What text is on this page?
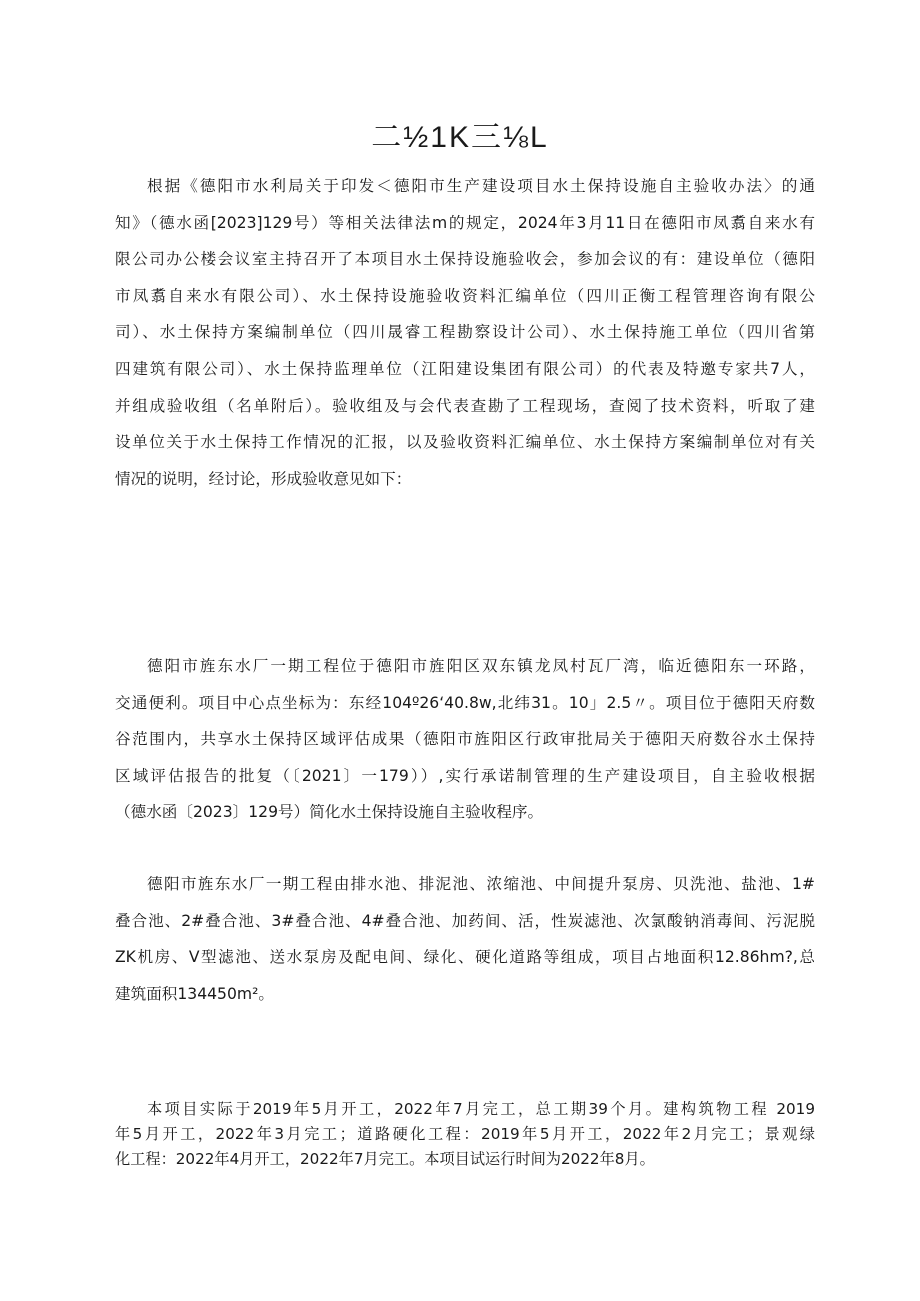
二½1K三⅛L
根据《德阳市水利局关于印发＜德阳市生产建设项目水土保持设施自主验收办法〉的通
知》（德水函[2023]129号）等相关法律法m的规定，2024年3月11日在德阳市凤翥自来水有
限公司办公楼会议室主持召开了本项目水土保持设施验收会，参加会议的有：建设单位（德阳
市凤翥自来水有限公司）、水土保持设施验收资料汇编单位（四川正衡工程管理咨询有限公
司）、水土保持方案编制单位（四川晟睿工程勘察设计公司）、水土保持施工单位（四川省第
四建筑有限公司）、水土保持监理单位（江阳建设集团有限公司）的代表及特邀专家共7人，
并组成验收组（名单附后）。验收组及与会代表查勘了工程现场，查阅了技术资料，听取了建
设单位关于水土保持工作情况的汇报，以及验收资料汇编单位、水土保持方案编制单位对有关
情况的说明，经讨论，形成验收意见如下：
德阳市旌东水厂一期工程位于德阳市旌阳区双东镇龙凤村瓦厂湾，临近德阳东一环路，
交通便利。项目中心点坐标为：东经104º26‘40.8w,北纬31。10」2.5〃。项目位于德阳天府数
谷范围内，共享水土保持区域评估成果（德阳市旌阳区行政审批局关于德阳天府数谷水土保持
区域评估报告的批复（〔2021〕一179））,实行承诺制管理的生产建设项目，自主验收根据
（德水函〔2023〕129号）简化水土保持设施自主验收程序。
德阳市旌东水厂一期工程由排水池、排泥池、浓缩池、中间提升泵房、贝洗池、盐池、1#
叠合池、2#叠合池、3#叠合池、4#叠合池、加药间、活，性炭滤池、次氯酸钠消毒间、污泥脱
ZK机房、V型滤池、送水泵房及配电间、绿化、硬化道路等组成，项目占地面积12.86hm?,总
建筑面积134450m²。
本项目实际于2019年5月开工，2022年7月完工，总工期39个月。建构筑物工程 2019
年5月开工，2022年3月完工；道路硬化工程：2019年5月开工，2022年2月完工；景观绿
化工程：2022年4月开工，2022年7月完工。本项目试运行时间为2022年8月。
